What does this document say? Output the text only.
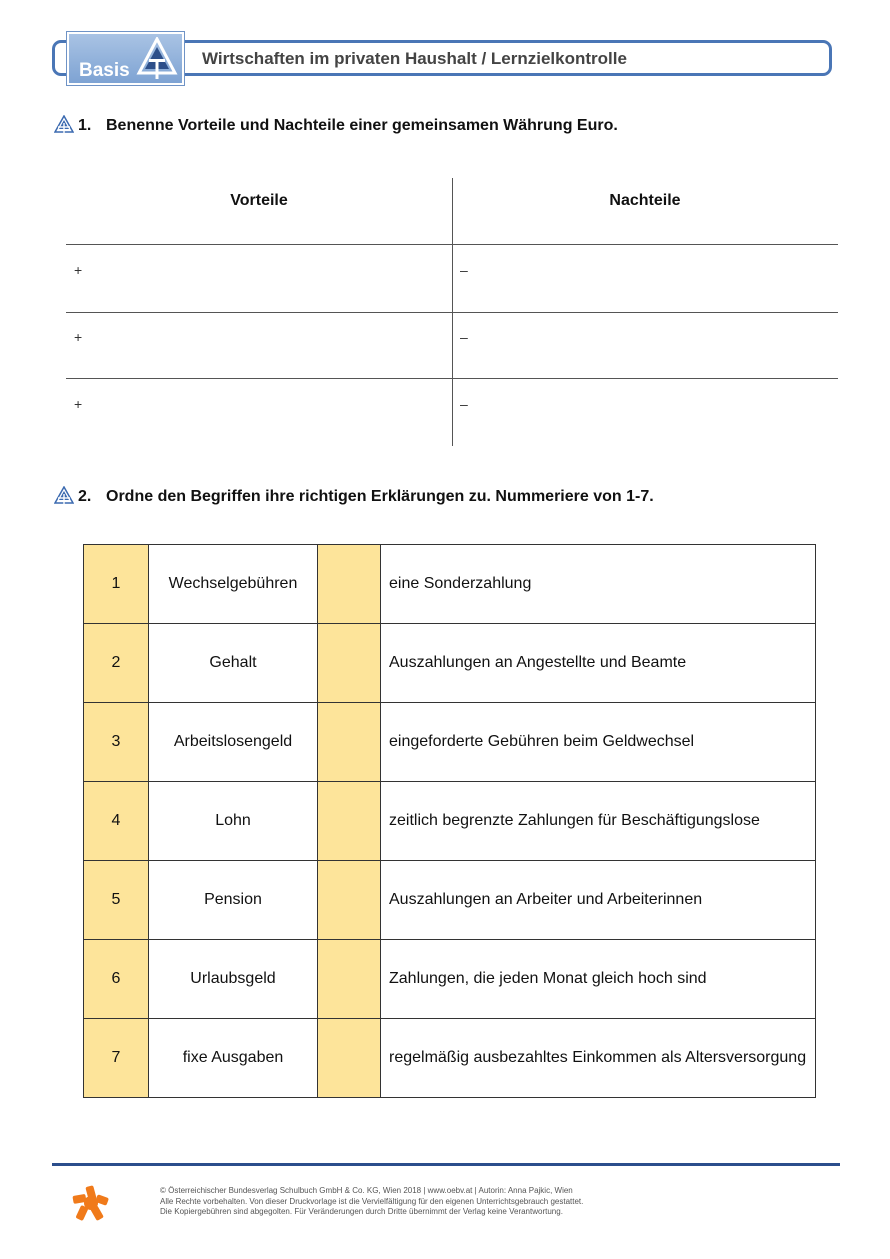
Basis
Wirtschaften im privaten Haushalt / Lernzielkontrolle
1. Benenne Vorteile und Nachteile einer gemeinsamen Währung Euro.
Vorteile	Nachteile
+	–
+	–
+	–
2. Ordne den Begriffen ihre richtigen Erklärungen zu. Nummeriere von 1-7.
1	Wechselgebühren		eine Sonderzahlung
2	Gehalt		Auszahlungen an Angestellte und Beamte
3	Arbeitslosengeld		eingeforderte Gebühren beim Geldwechsel
4	Lohn		zeitlich begrenzte Zahlungen für Beschäftigungslose
5	Pension		Auszahlungen an Arbeiter und Arbeiterinnen
6	Urlaubsgeld		Zahlungen, die jeden Monat gleich hoch sind
7	fixe Ausgaben		regelmäßig ausbezahltes Einkommen als Altersversorgung
© Österreichischer Bundesverlag Schulbuch GmbH & Co. KG, Wien 2018 | www.oebv.at | Autorin: Anna Pajkic, Wien
Alle Rechte vorbehalten. Von dieser Druckvorlage ist die Vervielfältigung für den eigenen Unterrichtsgebrauch gestattet.
Die Kopiergebühren sind abgegolten. Für Veränderungen durch Dritte übernimmt der Verlag keine Verantwortung.
